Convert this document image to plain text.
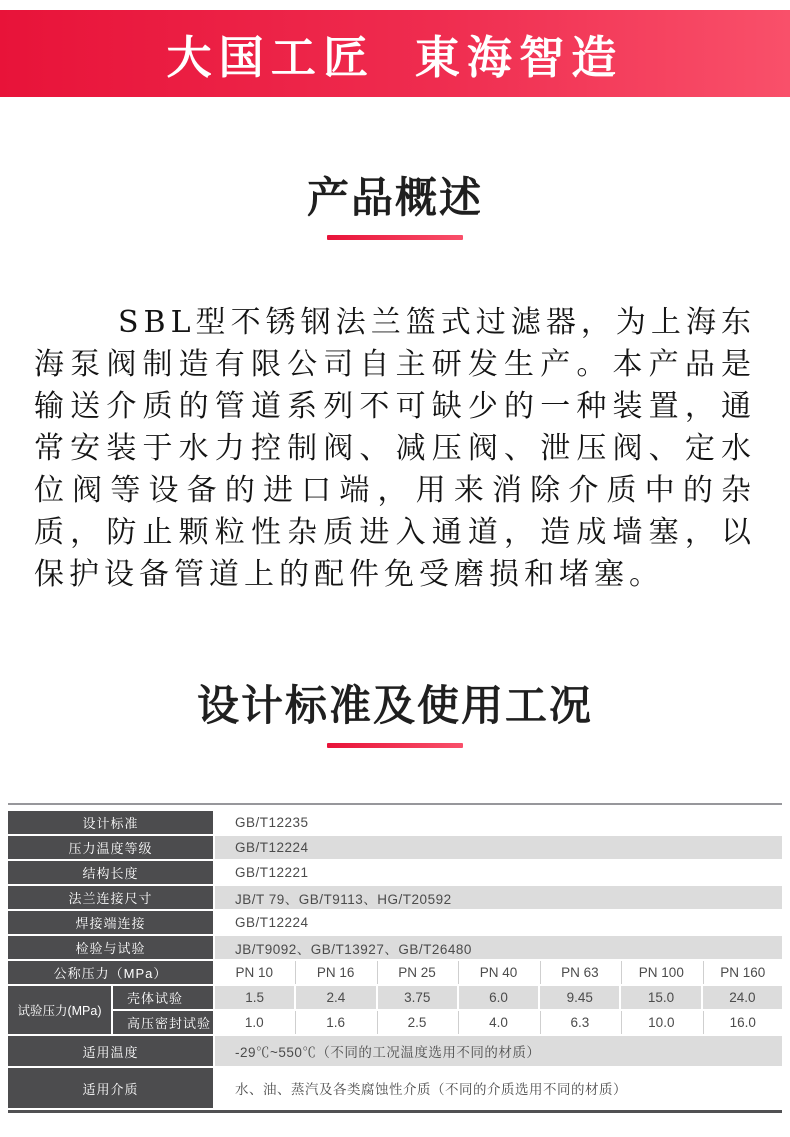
大国工匠  東海智造
产品概述

SBL型不锈钢法兰篮式过滤器，为上海东海泵阀制造有限公司自主研发生产。本产品是输送介质的管道系列不可缺少的一种装置，通常安装于水力控制阀、减压阀、泄压阀、定水位阀等设备的进口端，用来消除介质中的杂质，防止颗粒性杂质进入通道，造成墙塞，以保护设备管道上的配件免受磨损和堵塞。

设计标准及使用工况
设计标准	GB/T12235
压力温度等级	GB/T12224
结构长度	GB/T12221
法兰连接尺寸	JB/T 79、GB/T9113、HG/T20592
焊接端连接	GB/T12224
检验与试验	JB/T9092、GB/T13927、GB/T26480
公称压力（MPa）	PN 10	PN 16	PN 25	PN 40	PN 63	PN 100	PN 160
试验压力(MPa)
壳体试验	1.5	2.4	3.75	6.0	9.45	15.0	24.0
高压密封试验	1.0	1.6	2.5	4.0	6.3	10.0	16.0
适用温度	-29℃~550℃（不同的工况温度选用不同的材质）
适用介质	水、油、蒸汽及各类腐蚀性介质（不同的介质选用不同的材质）
